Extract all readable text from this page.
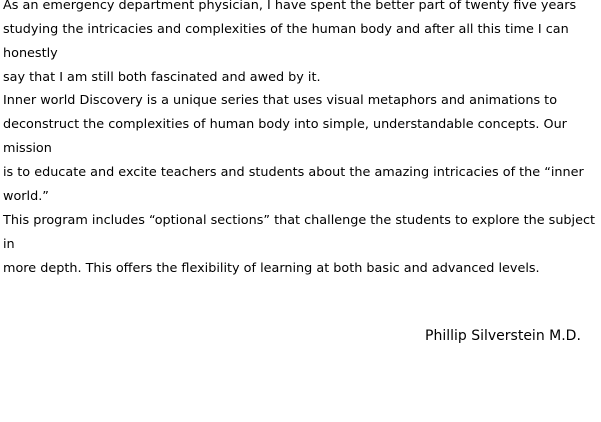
As an emergency department physician, I have spent the better part of twenty five years
studying the intricacies and complexities of the human body and after all this time I can honestly
say that I am still both fascinated and awed by it.

Inner world Discovery is a unique series that uses visual metaphors and animations to
deconstruct the complexities of human body into simple, understandable concepts. Our mission
is to educate and excite teachers and students about the amazing intricacies of the “inner
world.”

This program includes “optional sections” that challenge the students to explore the subject in
more depth. This offers the flexibility of learning at both basic and advanced levels.

Phillip Silverstein M.D.
